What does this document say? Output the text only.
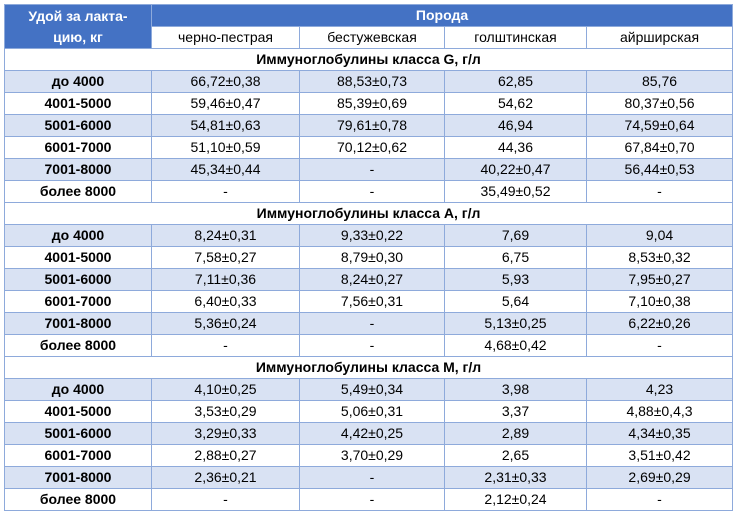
Удой за лакта-
цию, кг	Порода			
	черно-пестрая	бестужевская	голштинская	айрширская
Иммуноглобулины класса G, г/л				
до 4000	66,72±0,38	88,53±0,73	62,85	85,76
4001-5000	59,46±0,47	85,39±0,69	54,62	80,37±0,56
5001-6000	54,81±0,63	79,61±0,78	46,94	74,59±0,64
6001-7000	51,10±0,59	70,12±0,62	44,36	67,84±0,70
7001-8000	45,34±0,44	-	40,22±0,47	56,44±0,53
более 8000	-	-	35,49±0,52	-
Иммуноглобулины класса А, г/л				
до 4000	8,24±0,31	9,33±0,22	7,69	9,04
4001-5000	7,58±0,27	8,79±0,30	6,75	8,53±0,32
5001-6000	7,11±0,36	8,24±0,27	5,93	7,95±0,27
6001-7000	6,40±0,33	7,56±0,31	5,64	7,10±0,38
7001-8000	5,36±0,24	-	5,13±0,25	6,22±0,26
более 8000	-	-	4,68±0,42	-
Иммуноглобулины класса М, г/л				
до 4000	4,10±0,25	5,49±0,34	3,98	4,23
4001-5000	3,53±0,29	5,06±0,31	3,37	4,88±0,4,3
5001-6000	3,29±0,33	4,42±0,25	2,89	4,34±0,35
6001-7000	2,88±0,27	3,70±0,29	2,65	3,51±0,42
7001-8000	2,36±0,21	-	2,31±0,33	2,69±0,29
более 8000	-	-	2,12±0,24	-
